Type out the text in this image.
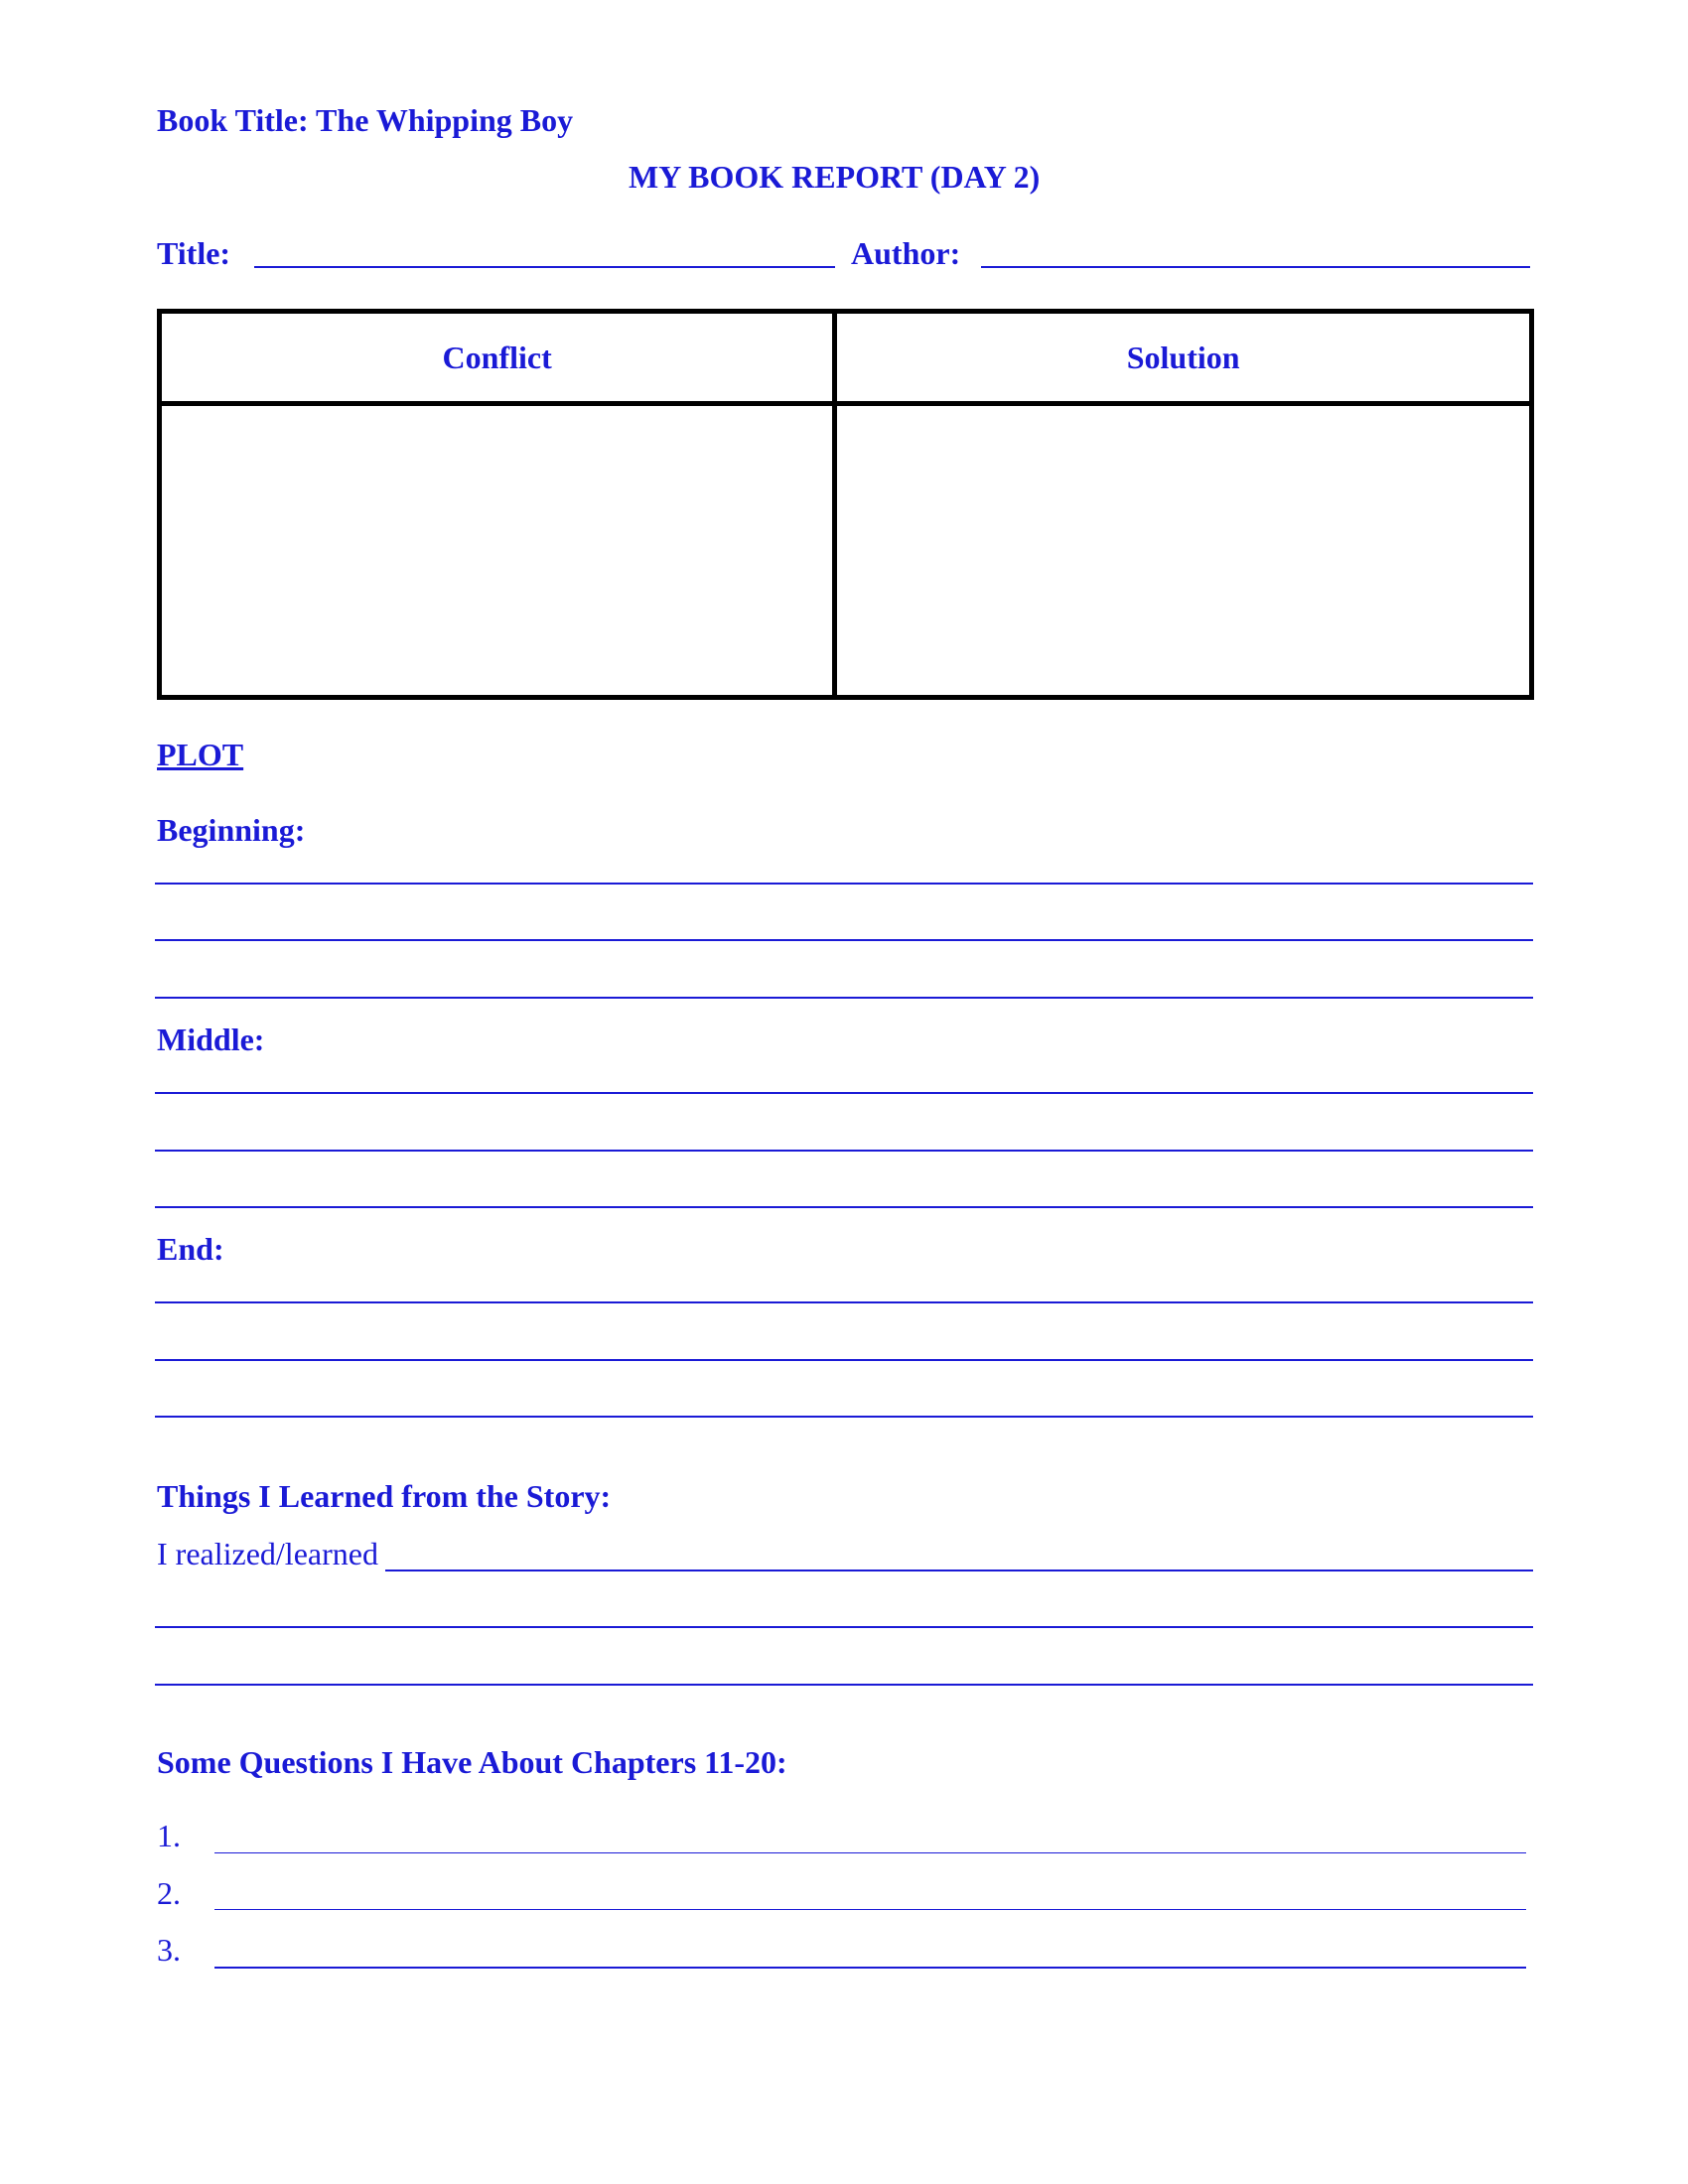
Book Title: The Whipping Boy
MY BOOK REPORT (DAY 2)
Title:	Author:
Conflict	Solution

PLOT
Beginning:
Middle:
End:
Things I Learned from the Story:
I realized/learned
Some Questions I Have About Chapters 11-20:
1.
2.
3.
